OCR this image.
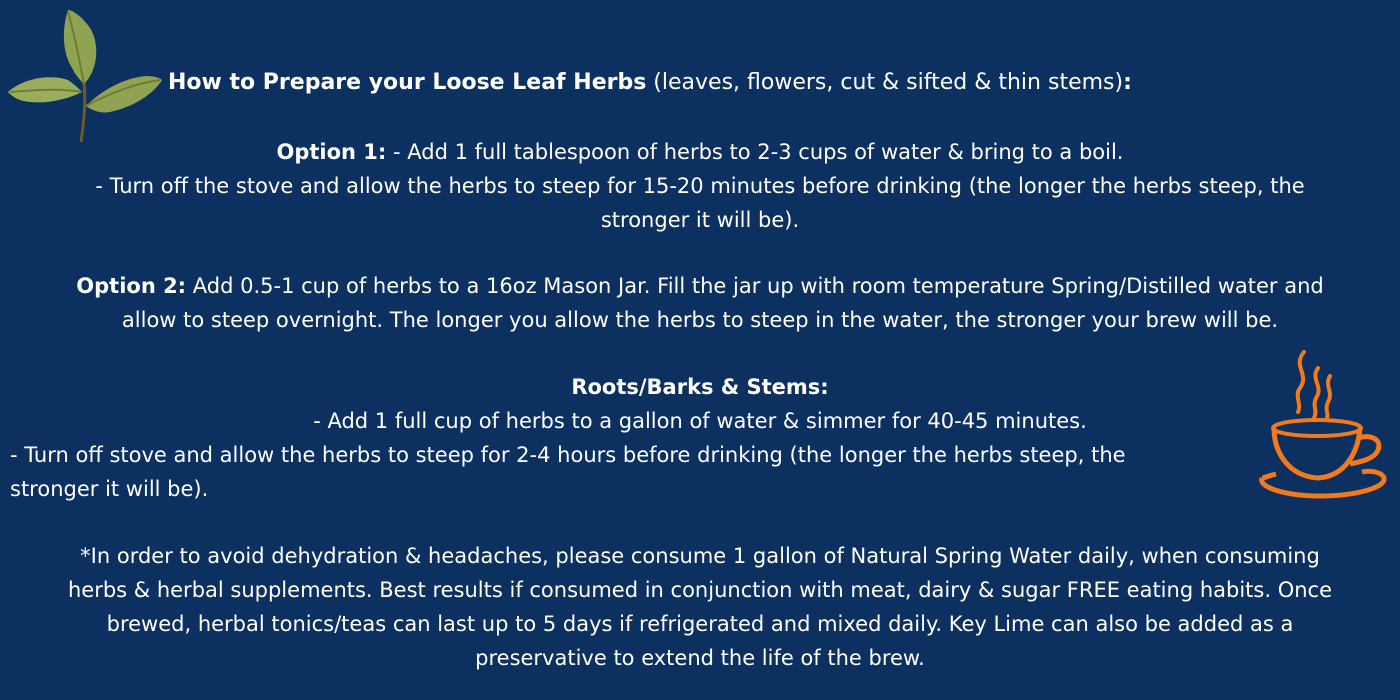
How to Prepare your Loose Leaf Herbs (leaves, flowers, cut & sifted & thin stems):
Option 1: - Add 1 full tablespoon of herbs to 2-3 cups of water & bring to a boil.
- Turn off the stove and allow the herbs to steep for 15-20 minutes before drinking (the longer the herbs steep, the
stronger it will be).
Option 2: Add 0.5-1 cup of herbs to a 16oz Mason Jar. Fill the jar up with room temperature Spring/Distilled water and
allow to steep overnight. The longer you allow the herbs to steep in the water, the stronger your brew will be.
Roots/Barks & Stems:
- Add 1 full cup of herbs to a gallon of water & simmer for 40-45 minutes.
- Turn off stove and allow the herbs to steep for 2-4 hours before drinking (the longer the herbs steep, the
stronger it will be).
*In order to avoid dehydration & headaches, please consume 1 gallon of Natural Spring Water daily, when consuming
herbs & herbal supplements. Best results if consumed in conjunction with meat, dairy & sugar FREE eating habits. Once
brewed, herbal tonics/teas can last up to 5 days if refrigerated and mixed daily. Key Lime can also be added as a
preservative to extend the life of the brew.
